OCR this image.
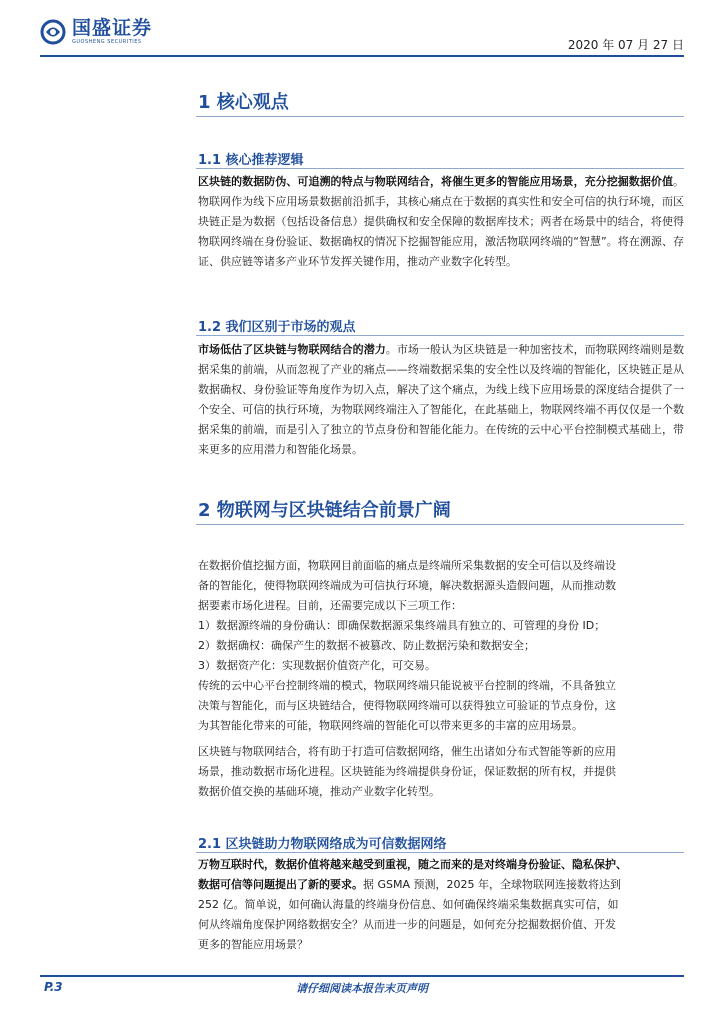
国盛证券
GUOSHENG SECURITIES	2020 年 07 月 27 日
1 核心观点
1.1 核心推荐逻辑
区块链的数据防伪、可追溯的特点与物联网结合，将催生更多的智能应用场景，充分挖掘数据价值。物联网作为线下应用场景数据前沿抓手，其核心痛点在于数据的真实性和安全可信的执行环境，而区块链正是为数据（包括设备信息）提供确权和安全保障的数据库技术；两者在场景中的结合，将使得物联网终端在身份验证、数据确权的情况下挖掘智能应用，激活物联网终端的“智慧”。将在溯源、存证、供应链等诸多产业环节发挥关键作用，推动产业数字化转型。
1.2 我们区别于市场的观点
市场低估了区块链与物联网结合的潜力。市场一般认为区块链是一种加密技术，而物联网终端则是数据采集的前端，从而忽视了产业的痛点——终端数据采集的安全性以及终端的智能化，区块链正是从数据确权、身份验证等角度作为切入点，解决了这个痛点，为线上线下应用场景的深度结合提供了一个安全、可信的执行环境，为物联网终端注入了智能化，在此基础上，物联网终端不再仅仅是一个数据采集的前端，而是引入了独立的节点身份和智能化能力。在传统的云中心平台控制模式基础上，带来更多的应用潜力和智能化场景。
2 物联网与区块链结合前景广阔
在数据价值挖掘方面，物联网目前面临的痛点是终端所采集数据的安全可信以及终端设
备的智能化，使得物联网终端成为可信执行环境，解决数据源头造假问题，从而推动数
据要素市场化进程。目前，还需要完成以下三项工作：
1）数据源终端的身份确认：即确保数据源采集终端具有独立的、可管理的身份 ID；
2）数据确权：确保产生的数据不被篡改、防止数据污染和数据安全；
3）数据资产化：实现数据价值资产化，可交易。
传统的云中心平台控制终端的模式，物联网终端只能说被平台控制的终端，不具备独立
决策与智能化，而与区块链结合，使得物联网终端可以获得独立可验证的节点身份，这
为其智能化带来的可能，物联网终端的智能化可以带来更多的丰富的应用场景。
区块链与物联网结合，将有助于打造可信数据网络，催生出诸如分布式智能等新的应用
场景，推动数据市场化进程。区块链能为终端提供身份证，保证数据的所有权，并提供
数据价值交换的基础环境，推动产业数字化转型。
2.1 区块链助力物联网络成为可信数据网络
万物互联时代，数据价值将越来越受到重视，随之而来的是对终端身份验证、隐私保护、
数据可信等问题提出了新的要求。据 GSMA 预测，2025 年，全球物联网连接数将达到
252 亿。简单说，如何确认海量的终端身份信息、如何确保终端采集数据真实可信，如
何从终端角度保护网络数据安全？从而进一步的问题是，如何充分挖掘数据价值、开发
更多的智能应用场景？
P.3	请仔细阅读本报告末页声明
